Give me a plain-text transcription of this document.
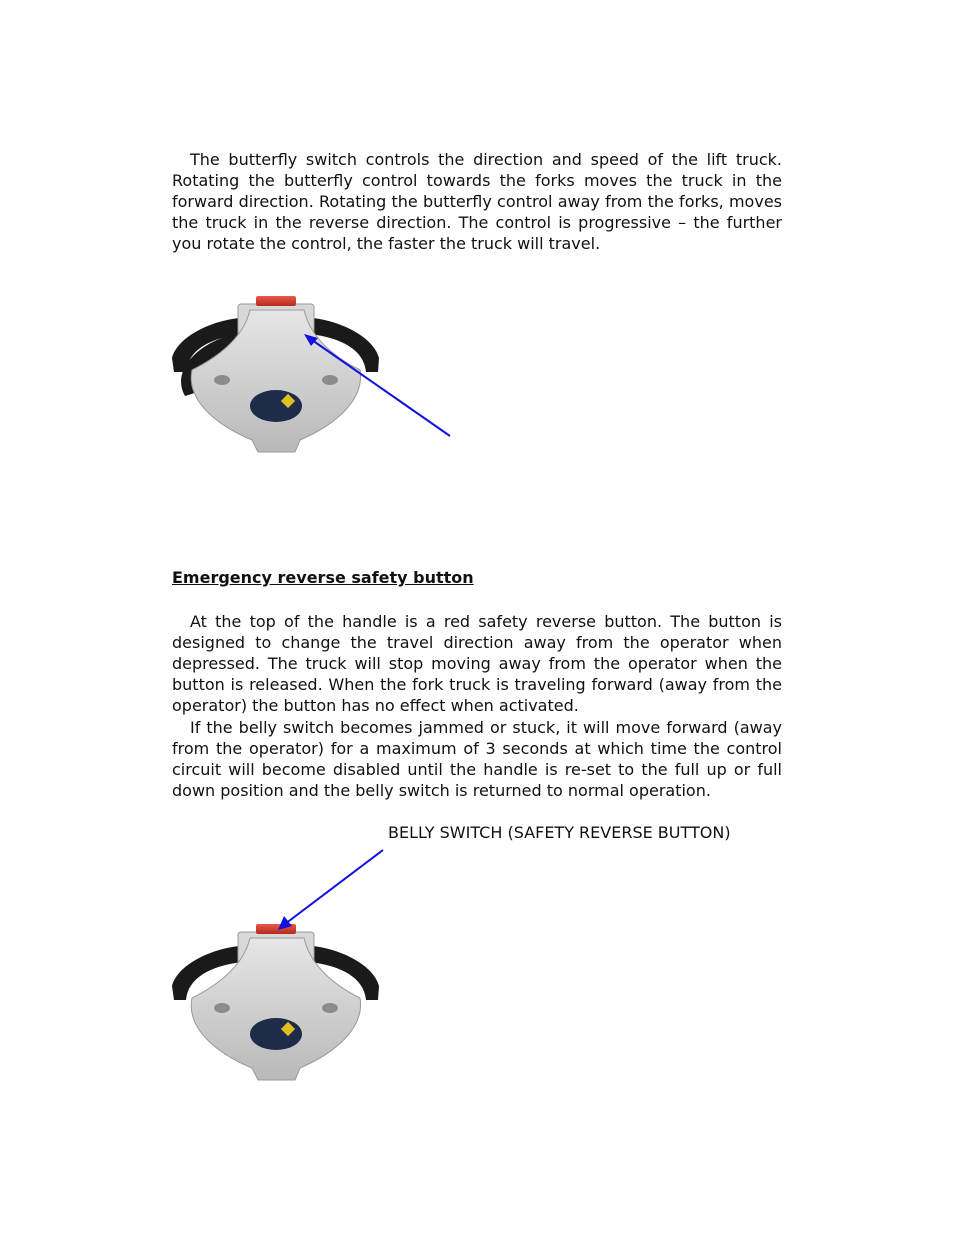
The butterfly switch controls the direction and speed of the lift truck. Rotating the butterfly control towards the forks moves the truck in the forward direction. Rotating the butterfly control away from the forks, moves the truck in the reverse direction. The control is progressive – the further you rotate the control, the faster the truck will travel.

Emergency reverse safety button

At the top of the handle is a red safety reverse button. The button is designed to change the travel direction away from the operator when depressed. The truck will stop moving away from the operator when the button is released. When the fork truck is traveling forward (away from the operator) the button has no effect when activated.

If the belly switch becomes jammed or stuck, it will move forward (away from the operator) for a maximum of 3 seconds at which time the control circuit will become disabled until the handle is re-set to the full up or full down position and the belly switch is returned to normal operation.

BELLY SWITCH (SAFETY REVERSE BUTTON)
